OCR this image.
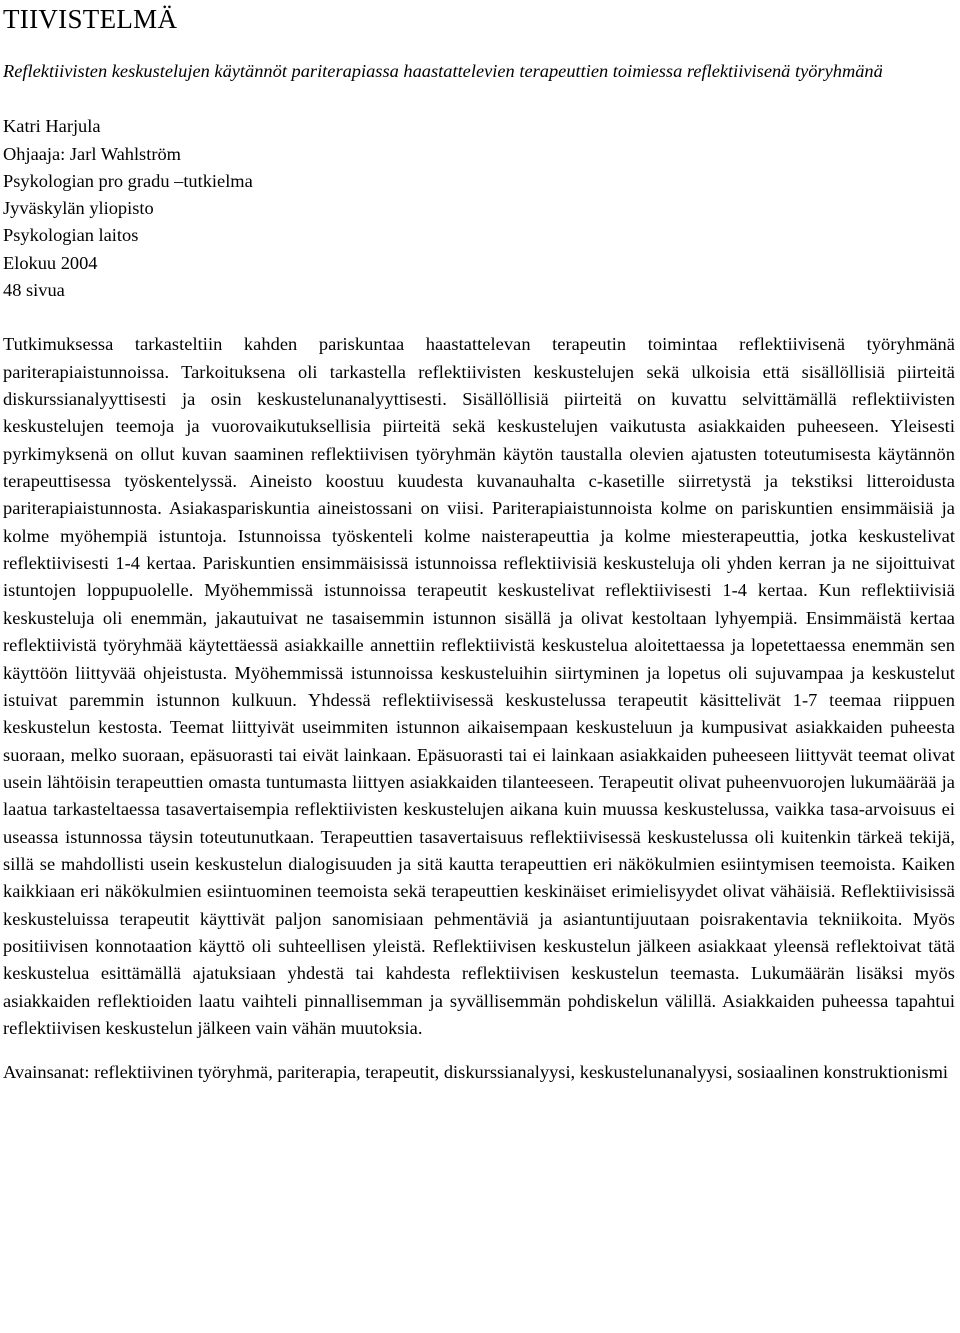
TIIVISTELMÄ
Reflektiivisten keskustelujen käytännöt pariterapiassa haastattelevien terapeuttien toimiessa reflektiivisenä työryhmänä
Katri Harjula
Ohjaaja: Jarl Wahlström
Psykologian pro gradu –tutkielma
Jyväskylän yliopisto
Psykologian laitos
Elokuu 2004
48 sivua
Tutkimuksessa tarkasteltiin kahden pariskuntaa haastattelevan terapeutin toimintaa reflektiivisenä työryhmänä pariterapiaistunnoissa. Tarkoituksena oli tarkastella reflektiivisten keskustelujen sekä ulkoisia että sisällöllisiä piirteitä diskurssianalyyttisesti ja osin keskustelunanalyyttisesti. Sisällöllisiä piirteitä on kuvattu selvittämällä reflektiivisten keskustelujen teemoja ja vuorovaikutuksellisia piirteitä sekä keskustelujen vaikutusta asiakkaiden puheeseen. Yleisesti pyrkimyksenä on ollut kuvan saaminen reflektiivisen työryhmän käytön taustalla olevien ajatusten toteutumisesta käytännön terapeuttisessa työskentelyssä. Aineisto koostuu kuudesta kuvanauhalta c-kasetille siirretystä ja tekstiksi litteroidusta pariterapiaistunnosta. Asiakaspariskuntia aineistossani on viisi. Pariterapiaistunnoista kolme on pariskuntien ensimmäisiä ja kolme myöhempiä istuntoja. Istunnoissa työskenteli kolme naisterapeuttia ja kolme miesterapeuttia, jotka keskustelivat reflektiivisesti 1-4 kertaa. Pariskuntien ensimmäisissä istunnoissa reflektiivisiä keskusteluja oli yhden kerran ja ne sijoittuivat istuntojen loppupuolelle. Myöhemmissä istunnoissa terapeutit keskustelivat reflektiivisesti 1-4 kertaa. Kun reflektiivisiä keskusteluja oli enemmän, jakautuivat ne tasaisemmin istunnon sisällä ja olivat kestoltaan lyhyempiä. Ensimmäistä kertaa reflektiivistä työryhmää käytettäessä asiakkaille annettiin reflektiivistä keskustelua aloitettaessa ja lopetettaessa enemmän sen käyttöön liittyvää ohjeistusta. Myöhemmissä istunnoissa keskusteluihin siirtyminen ja lopetus oli sujuvampaa ja keskustelut istuivat paremmin istunnon kulkuun. Yhdessä reflektiivisessä keskustelussa terapeutit käsittelivät 1-7 teemaa riippuen keskustelun kestosta. Teemat liittyivät useimmiten istunnon aikaisempaan keskusteluun ja kumpusivat asiakkaiden puheesta suoraan, melko suoraan, epäsuorasti tai eivät lainkaan. Epäsuorasti tai ei lainkaan asiakkaiden puheeseen liittyvät teemat olivat usein lähtöisin terapeuttien omasta tuntumasta liittyen asiakkaiden tilanteeseen. Terapeutit olivat puheenvuorojen lukumäärää ja laatua tarkasteltaessa tasavertaisempia reflektiivisten keskustelujen aikana kuin muussa keskustelussa, vaikka tasa-arvoisuus ei useassa istunnossa täysin toteutunutkaan. Terapeuttien tasavertaisuus reflektiivisessä keskustelussa oli kuitenkin tärkeä tekijä, sillä se mahdollisti usein keskustelun dialogisuuden ja sitä kautta terapeuttien eri näkökulmien esiintymisen teemoista. Kaiken kaikkiaan eri näkökulmien esiintuominen teemoista sekä terapeuttien keskinäiset erimielisyydet olivat vähäisiä. Reflektiivisissä keskusteluissa terapeutit käyttivät paljon sanomisiaan pehmentäviä ja asiantuntijuutaan poisrakentavia tekniikoita. Myös positiivisen konnotaation käyttö oli suhteellisen yleistä. Reflektiivisen keskustelun jälkeen asiakkaat yleensä reflektoivat tätä keskustelua esittämällä ajatuksiaan yhdestä tai kahdesta reflektiivisen keskustelun teemasta. Lukumäärän lisäksi myös asiakkaiden reflektioiden laatu vaihteli pinnallisemman ja syvällisemmän pohdiskelun välillä. Asiakkaiden puheessa tapahtui reflektiivisen keskustelun jälkeen vain vähän muutoksia.
Avainsanat: reflektiivinen työryhmä, pariterapia, terapeutit, diskurssianalyysi, keskustelunanalyysi, sosiaalinen konstruktionismi
